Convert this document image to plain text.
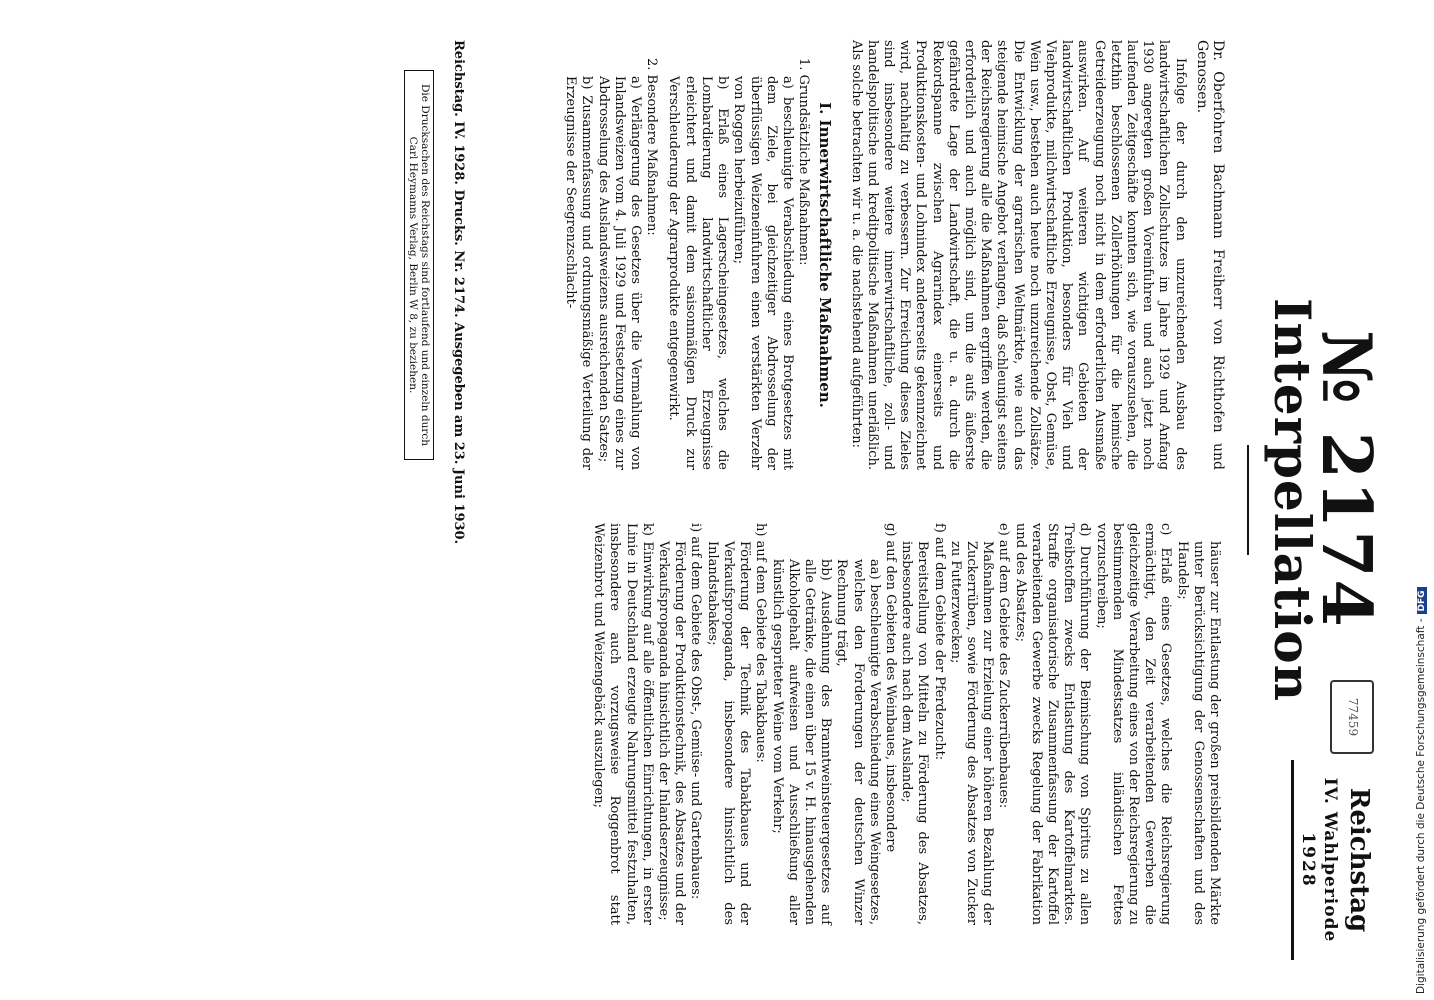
№ 2174
77459
Reichstag
IV. Wahlperiode
1928
Interpellation

Dr. Oberfohren Bachmann Freiherr von Richthofen und Genossen.

Infolge der durch den unzureichenden Ausbau des landwirtschaftlichen Zollschutzes im Jahre 1929 und Anfang 1930 angeregten großen Voreinfuhren und auch jetzt noch laufenden Zeitgeschäfte konnten sich, wie vorauszusehen, die letzthin beschlossenen Zollerhöhungen für die heimische Getreideerzeugung noch nicht in dem erforderlichen Ausmaße auswirken. Auf weiteren wichtigen Gebieten der landwirtschaftlichen Produktion, besonders für Vieh und Viehprodukte, milchwirtschaftliche Erzeugnisse, Obst, Gemüse, Wein usw., bestehen auch heute noch unzureichende Zollsätze. Die Entwicklung der agrarischen Weltmärkte, wie auch das steigende heimische Angebot verlangen, daß schleunigst seitens der Reichsregierung alle die Maßnahmen ergriffen werden, die erforderlich und auch möglich sind, um die aufs äußerste gefährdete Lage der Landwirtschaft, die u. a. durch die Rekordspanne zwischen Agrarindex einerseits und Produktionskosten- und Lohnindex andererseits gekennzeichnet wird, nachhaltig zu verbessern. Zur Erreichung dieses Zieles sind insbesondere weitere innerwirtschaftliche, zoll- und handelspolitische und kreditpolitische Maßnahmen unerläßlich. Als solche betrachten wir u. a. die nachstehend aufgeführten:

I. Innerwirtschaftliche Maßnahmen.

1. Grundsätzliche Maßnahmen:

a) beschleunigte Verabschiedung eines Brotgesetzes mit dem Ziele, bei gleichzeitiger Abdrosselung der überflüssigen Weizeneinfuhren einen verstärkten Verzehr von Roggen herbeizuführen;

b) Erlaß eines Lagerscheingesetzes, welches die Lombardierung landwirtschaftlicher Erzeugnisse erleichtert und damit dem saisonmäßigen Druck zur Verschleuderung der Agrarprodukte entgegenwirkt.

2. Besondere Maßnahmen:

a) Verlängerung des Gesetzes über die Vermahlung von Inlandsweizen vom 4. Juli 1929 und Festsetzung eines zur Abdrosselung des Auslandsweizens ausreichenden Satzes;

b) Zusammenfassung und ordnungsmäßige Verteilung der Erzeugnisse der Seegrenzschlacht-

häuser zur Entlastung der großen preisbildenden Märkte unter Berücksichtigung der Genossenschaften und des Handels;

c) Erlaß eines Gesetzes, welches die Reichsregierung ermächtigt, den Zeit verarbeitenden Gewerben die gleichzeitige Verarbeitung eines von der Reichsregierung zu bestimmenden Mindestsatzes inländischen Fettes vorzuschreiben;

d) Durchführung der Beimischung von Spiritus zu allen Treibstoffen zwecks Entlastung des Kartoffelmarktes. Straffe organisatorische Zusammenfassung der Kartoffel verarbeitenden Gewerbe zwecks Regelung der Fabrikation und des Absatzes;

e) auf dem Gebiete des Zuckerrübenbaues:

Maßnahmen zur Erzielung einer höheren Bezahlung der Zuckerrüben, sowie Förderung des Absatzes von Zucker zu Futterzwecken;

f) auf dem Gebiete der Pferdezucht:

Bereitstellung von Mitteln zu Förderung des Absatzes, insbesondere auch nach dem Auslande;

g) auf den Gebieten des Weinbaues, insbesondere

aa) beschleunigte Verabschiedung eines Weingesetzes, welches den Forderungen der deutschen Winzer Rechnung trägt,

bb) Ausdehnung des Branntweinsteuergesetzes auf alle Getränke, die einen über 15 v. H. hinausgehenden Alkoholgehalt aufweisen und Ausschließung aller künstlich gespriteter Weine vom Verkehr;

h) auf dem Gebiete des Tabakbaues:

Förderung der Technik des Tabakbaues und der Verkaufspropaganda, insbesondere hinsichtlich des Inlandstabakes;

i) auf dem Gebiete des Obst-, Gemüse- und Gartenbaues:

Förderung der Produktionstechnik, des Absatzes und der Verkaufspropaganda hinsichtlich der Inlandserzeugnisse;

k) Einwirkung auf alle öffentlichen Einrichtungen, in erster Linie in Deutschland erzeugte Nahrungsmittel festzuhalten, insbesondere auch vorzugsweise Roggenbrot statt Weizenbrot und Weizengebäck auszulegen;

Reichstag. IV. 1928. Drucks. Nr. 2174. Ausgegeben am 23. Juni 1930.
Die Drucksachen des Reichstags sind fortlaufend und einzeln durch Carl Heymanns Verlag, Berlin W 8, zu beziehen.
Digitalisierung gefördert durch die Deutsche Forschungsgemeinschaft -DFG
